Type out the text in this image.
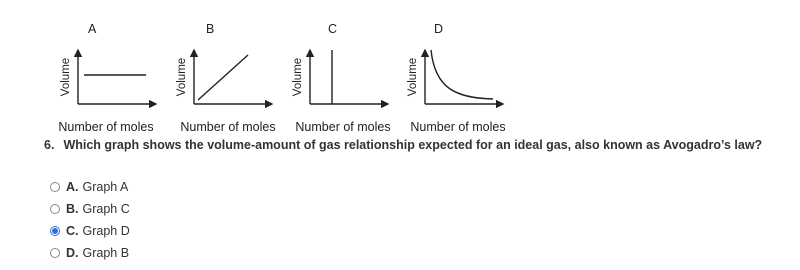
A
Volume
Number of moles
B
Volume
Number of moles
C
Volume
Number of moles
D
Volume
Number of moles
6. Which graph shows the volume-amount of gas relationship expected for an ideal gas, also known as Avogadro’s law?
A. Graph A
B. Graph C
C. Graph D
D. Graph B
